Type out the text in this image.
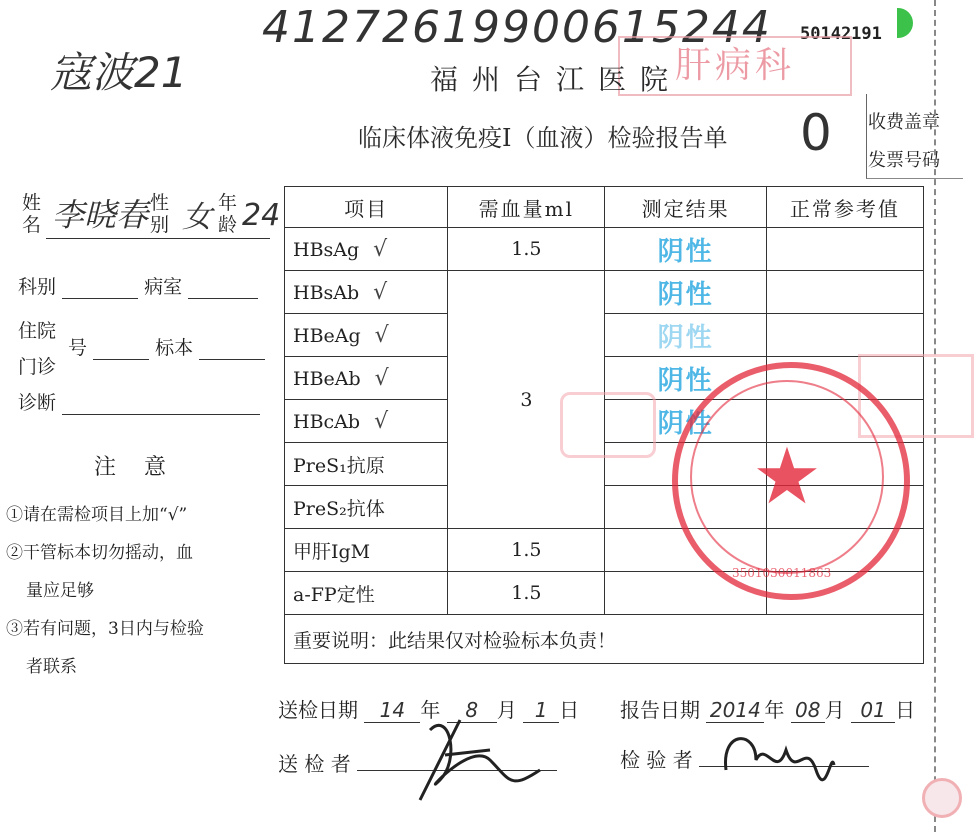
41272619900615244
寇波21
50142191
肝病科
福州台江医院
临床体液免疫Ⅰ（血液）检验报告单 0 收费盖章
发票号码
姓
名 李晓春 性
别 女 年
龄 24
科别	病室
住院
门诊
号	标本
诊断
注    意
①请在需检项目上加“√”
②干管标本切勿摇动，血
量应足够
③若有问题，3日内与检验
者联系
项目	需血量ml	测定结果	正常参考值
HBsAg √	1.5	阴性	
HBsAb √	3	阴性	
HBeAg √		阴性	
HBeAb √		阴性	
HBcAb √		阴性	
PreS₁抗原			
PreS₂抗体			
甲肝IgM	1.5		
a-FP定性	1.5		
重要说明：此结果仅对检验标本负责！			
★
3501030011863
送检日期 14 年 8 月 1 日 报告日期 2014 年 08 月 01 日
送 检 者	检 验 者
